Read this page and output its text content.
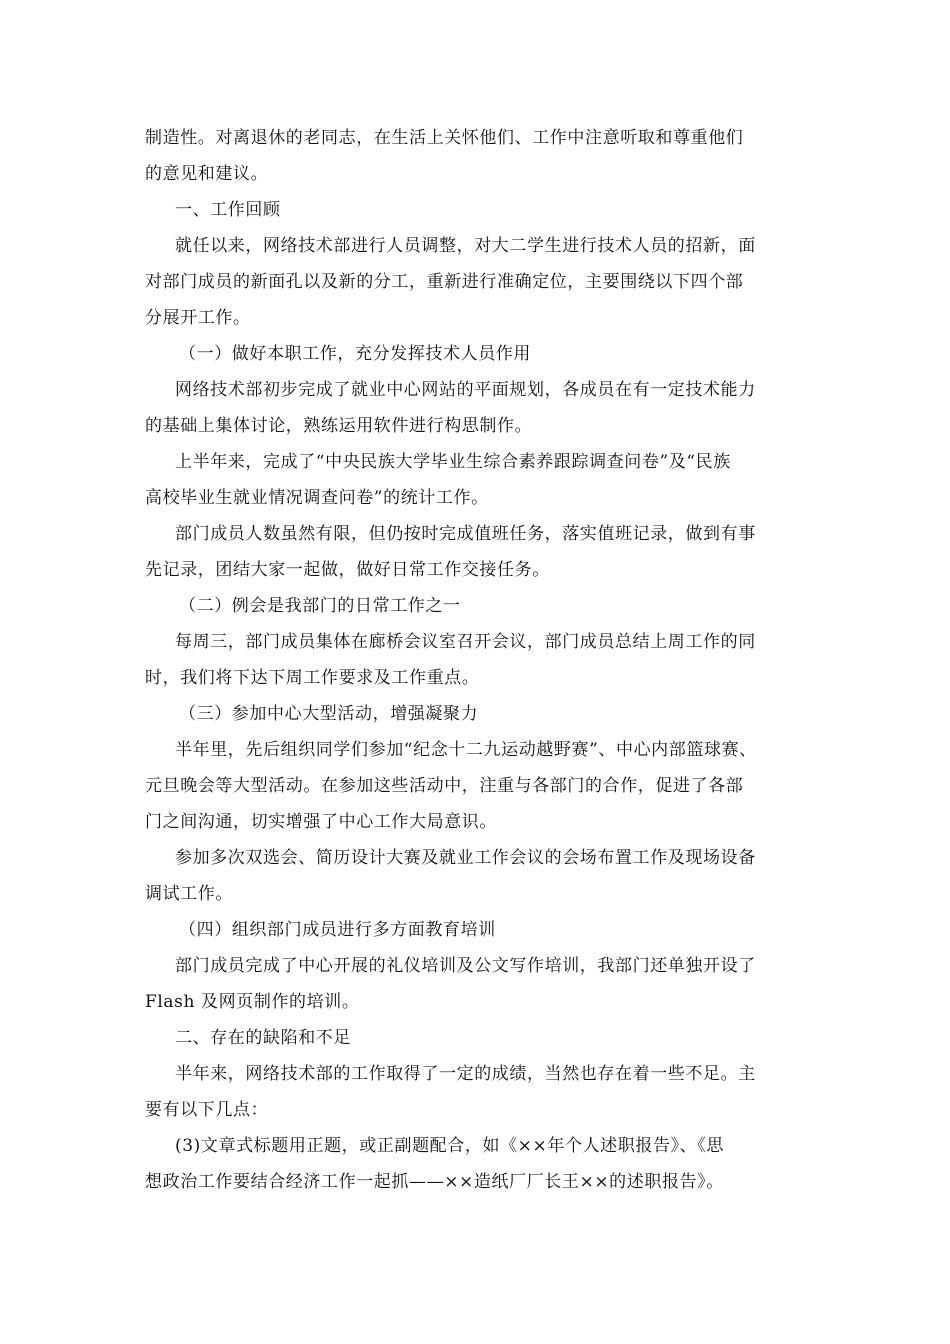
制造性。对离退休的老同志，在生活上关怀他们、工作中注意听取和尊重他们
的意见和建议。
一、工作回顾
就任以来，网络技术部进行人员调整，对大二学生进行技术人员的招新，面
对部门成员的新面孔以及新的分工，重新进行准确定位，主要围绕以下四个部
分展开工作。
（一）做好本职工作，充分发挥技术人员作用
网络技术部初步完成了就业中心网站的平面规划，各成员在有一定技术能力
的基础上集体讨论，熟练运用软件进行构思制作。
上半年来，完成了“中央民族大学毕业生综合素养跟踪调查问卷”及“民族
高校毕业生就业情况调查问卷”的统计工作。
部门成员人数虽然有限，但仍按时完成值班任务，落实值班记录，做到有事
先记录，团结大家一起做，做好日常工作交接任务。
（二）例会是我部门的日常工作之一
每周三，部门成员集体在廊桥会议室召开会议，部门成员总结上周工作的同
时，我们将下达下周工作要求及工作重点。
（三）参加中心大型活动，增强凝聚力
半年里，先后组织同学们参加“纪念十二九运动越野赛”、中心内部篮球赛、
元旦晚会等大型活动。在参加这些活动中，注重与各部门的合作，促进了各部
门之间沟通，切实增强了中心工作大局意识。
参加多次双选会、简历设计大赛及就业工作会议的会场布置工作及现场设备
调试工作。
（四）组织部门成员进行多方面教育培训
部门成员完成了中心开展的礼仪培训及公文写作培训，我部门还单独开设了
Flash 及网页制作的培训。
二、存在的缺陷和不足
半年来，网络技术部的工作取得了一定的成绩，当然也存在着一些不足。主
要有以下几点：
(3)文章式标题用正题，或正副题配合，如《××年个人述职报告》、《思
想政治工作要结合经济工作一起抓——××造纸厂厂长王××的述职报告》。
